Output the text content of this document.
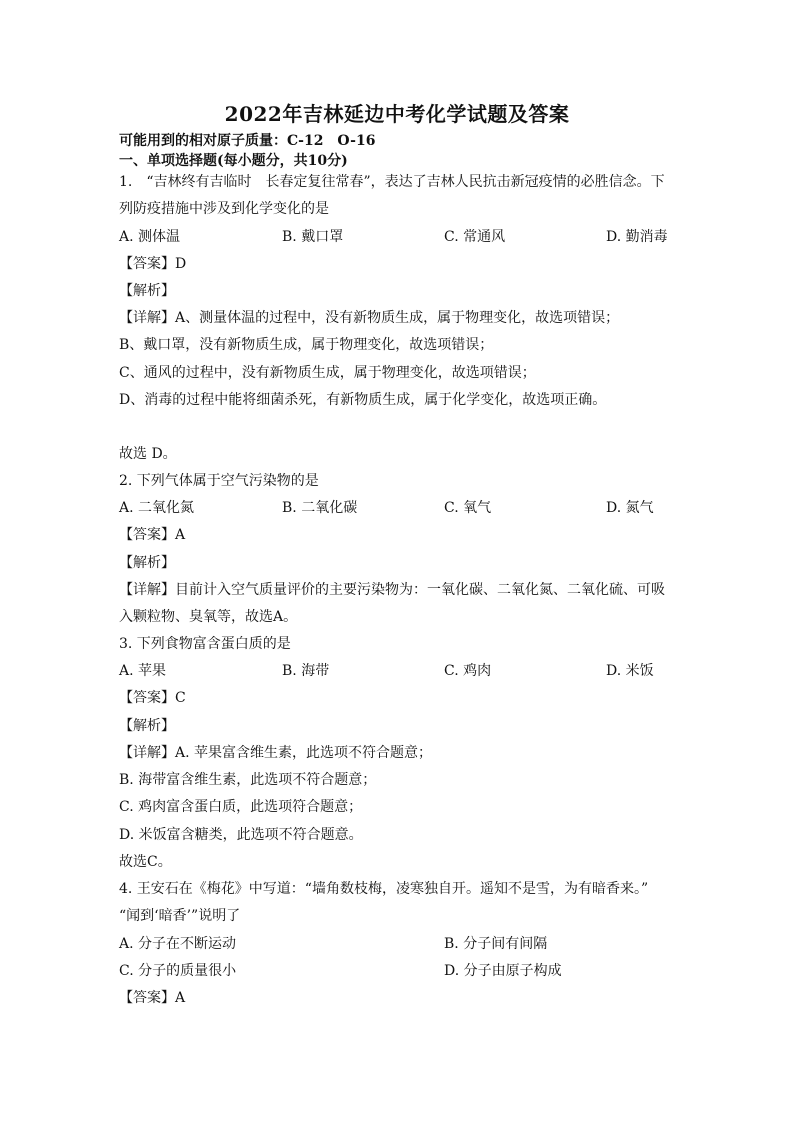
2022年吉林延边中考化学试题及答案
可能用到的相对原子质量：C-12　O-16
一、单项选择题(每小题分，共10分)
1.　“吉林终有吉临时　长春定复往常春”，表达了吉林人民抗击新冠疫情的必胜信念。下
列防疫措施中涉及到化学变化的是
A. 测体温	B. 戴口罩	C. 常通风	D. 勤消毒
【答案】D
【解析】
【详解】A、测量体温的过程中，没有新物质生成，属于物理变化，故选项错误；
B、戴口罩，没有新物质生成，属于物理变化，故选项错误；
C、通风的过程中，没有新物质生成，属于物理变化，故选项错误；
D、消毒的过程中能将细菌杀死，有新物质生成，属于化学变化，故选项正确。
故选 D。
2. 下列气体属于空气污染物的是
A. 二氧化氮	B. 二氧化碳	C. 氧气	D. 氮气
【答案】A
【解析】
【详解】目前计入空气质量评价的主要污染物为：一氧化碳、二氧化氮、二氧化硫、可吸
入颗粒物、臭氧等，故选A。
3. 下列食物富含蛋白质的是
A. 苹果	B. 海带	C. 鸡肉	D. 米饭
【答案】C
【解析】
【详解】A. 苹果富含维生素，此选项不符合题意；
B. 海带富含维生素，此选项不符合题意；
C. 鸡肉富含蛋白质，此选项符合题意；
D. 米饭富含糖类，此选项不符合题意。
故选C。
4. 王安石在《梅花》中写道：“墙角数枝梅，凌寒独自开。遥知不是雪，为有暗香来。”
“闻到‘暗香’”说明了
A. 分子在不断运动	B. 分子间有间隔
C. 分子的质量很小	D. 分子由原子构成
【答案】A
